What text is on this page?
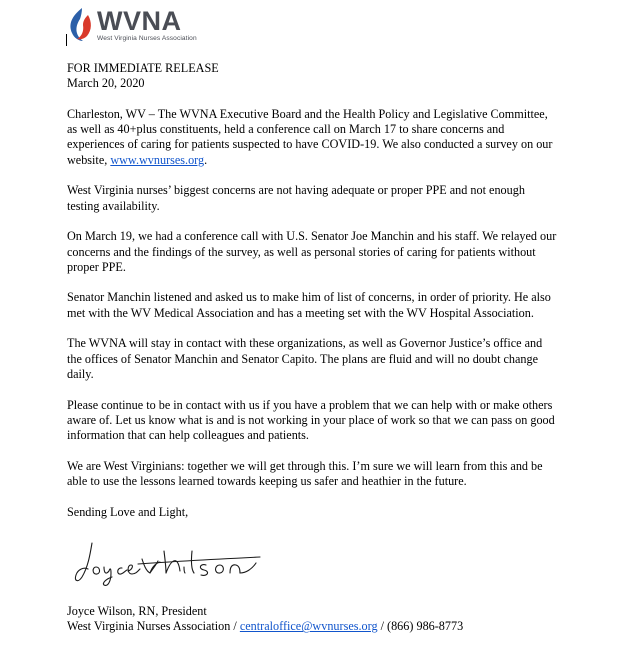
WVNA
West Virginia Nurses Association

FOR IMMEDIATE RELEASE
March 20, 2020

Charleston, WV – The WVNA Executive Board and the Health Policy and Legislative Committee, as well as 40+plus constituents, held a conference call on March 17 to share concerns and experiences of caring for patients suspected to have COVID-19. We also conducted a survey on our website, www.wvnurses.org.

West Virginia nurses’ biggest concerns are not having adequate or proper PPE and not enough testing availability.

On March 19, we had a conference call with U.S. Senator Joe Manchin and his staff. We relayed our concerns and the findings of the survey, as well as personal stories of caring for patients without proper PPE.

Senator Manchin listened and asked us to make him of list of concerns, in order of priority. He also met with the WV Medical Association and has a meeting set with the WV Hospital Association.

The WVNA will stay in contact with these organizations, as well as Governor Justice’s office and the offices of Senator Manchin and Senator Capito. The plans are fluid and will no doubt change daily.

Please continue to be in contact with us if you have a problem that we can help with or make others aware of. Let us know what is and is not working in your place of work so that we can pass on good information that can help colleagues and patients.

We are West Virginians: together we will get through this. I’m sure we will learn from this and be able to use the lessons learned towards keeping us safer and heathier in the future.

Sending Love and Light,

Joyce Wilson, RN, President
West Virginia Nurses Association / centraloffice@wvnurses.org / (866) 986-8773
